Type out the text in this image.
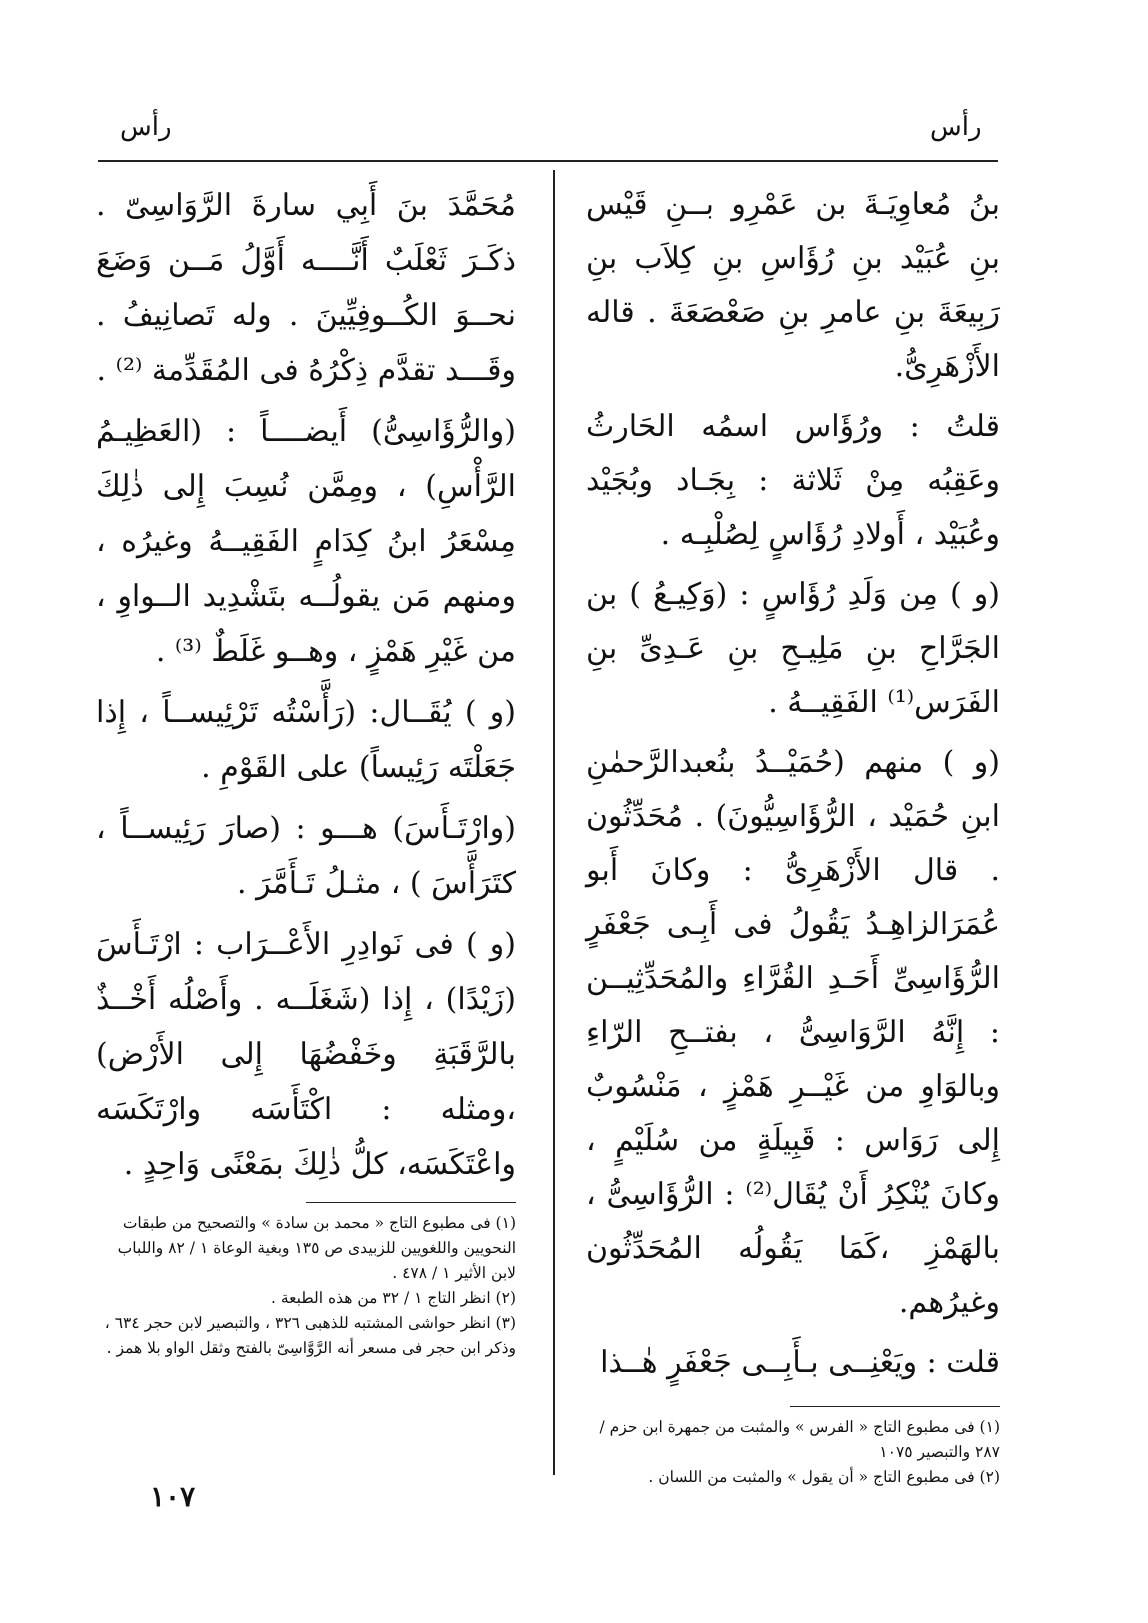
رأس
رأس

بنُ مُعاوِيَـةَ بن عَمْرِو بــنِ قَيْس بنِ عُبَيْد بنِ رُؤَاسِ بنِ كِلاَب بنِ رَبِيعَةَ بنِ عامرِ بنِ صَعْصَعَةَ . قاله الأَزْهَرِىُّ.

قلتُ : ورُؤَاس اسمُه الحَارثُ وعَقِبُه مِنْ ثَلاثة : بِجَـاد وبُجَيْد وعُبَيْد ، أَولادِ رُؤَاسٍ لِصُلْبِـه .

(و ) مِن وَلَدِ رُؤَاسٍ : (وَكِيـعُ ) بن الجَرَّاحِ بنِ مَلِيـحِ بنِ عَـدِىِّ بنِ الفَرَس⁽¹⁾ الفَقِيــهُ .

(و ) منهم (حُمَيْــدُ بنُعبدالرَّحمٰنِ ابنِ حُمَيْد ، الرُّؤَاسِيُّونَ) . مُحَدِّثُون . قال الأَزْهَرِىُّ : وكانَ أَبو عُمَرَالزاهِـدُ يَقُولُ فى أَبِـى جَعْفَرٍ الرُّؤَاسِىِّ أَحَـدِ القُرَّاءِ والمُحَدِّثِيــن : إِنَّهُ الرَّوَاسِىُّ ، بفتــحِ الرّاءِ وبالوَاوِ من غَيْــرِ هَمْزٍ ، مَنْسُوبٌ إِلى رَوَاس : قَبِيلَةٍ من سُلَيْمٍ ، وكانَ يُنْكِرُ أَنْ يُقَال⁽²⁾ : الرُّؤَاسِىُّ ، بالهَمْزِ ،كَمَا يَقُولُه المُحَدِّثُون وغيرُهم.

قلت : ويَعْنِــى بـأَبِــى جَعْفَرٍ هٰــذا

(١) فى مطبوع التاج « الفرس » والمثبت من جمهرة ابن حزم / ٢٨٧ والتبصير ١٠٧٥

(٢) فى مطبوع التاج « أن يقول » والمثبت من اللسان .

مُحَمَّدَ بنَ أَبِي سارةَ الرَّوَاسِىّ . ذكَـرَ ثَعْلَبٌ أَنَّــــه أَوَّلُ مَــن وَضَعَ نحــوَ الكُــوفِيِّينَ . وله تَصانِيفُ . وقَـــد تقدَّم ذِكْرُهُ فى المُقَدِّمة ⁽²⁾ .

(والرُّؤَاسِىُّ) أَيضــــاً : (العَظِيـمُ الرَّأْسِ) ، ومِمَّن نُسِبَ إِلى ذٰلِكَ مِسْعَرُ ابنُ كِدَامٍ الفَقِيــهُ وغيرُه ، ومنهم مَن يقولُــه بتَشْدِيد الــواوِ ، من غَيْرِ هَمْزٍ ، وهــو غَلَطٌ ⁽³⁾ .

(و ) يُقَــال: (رَأَّسْتُه تَرْئِيســاً ، إِذا جَعَلْتَه رَئِيساً) على القَوْمِ .

(وارْتَـأَسَ) هـــو : (صارَ رَئِيســاً ، كتَرَأَّسَ ) ، مثـلُ تَـأَمَّرَ .

(و ) فى نَوادِرِ الأَعْــرَاب : ارْتَـأَسَ (زَيْدًا) ، إِذا (شَغَلَــه . وأَصْلُه أَخْــذٌ بالرَّقَبَةِ وخَفْضُهَا إِلى الأَرْض) ،ومثله : اكْتَأَسَه وارْتَكَسَه واعْتَكَسَه، كلُّ ذٰلِكَ بمَعْنًى وَاحِدٍ .

(١) فى مطبوع التاج « محمد بن سادة » والتصحيح من طبقات النحويين واللغويين للزبيدى ص ١٣٥ وبغية الوعاة ١ / ٨٢ واللباب لابن الأثير ١ / ٤٧٨ .

(٢) انظر التاج ١ / ٣٢ من هذه الطبعة .

(٣) انظر حواشى المشتبه للذهبى ٣٢٦ ، والتبصير لابن حجر ٦٣٤ ، وذكر ابن حجر فى مسعر أنه الرَّوَّاسِىّ بالفتح وثقل الواو بلا همز .

١٠٧
